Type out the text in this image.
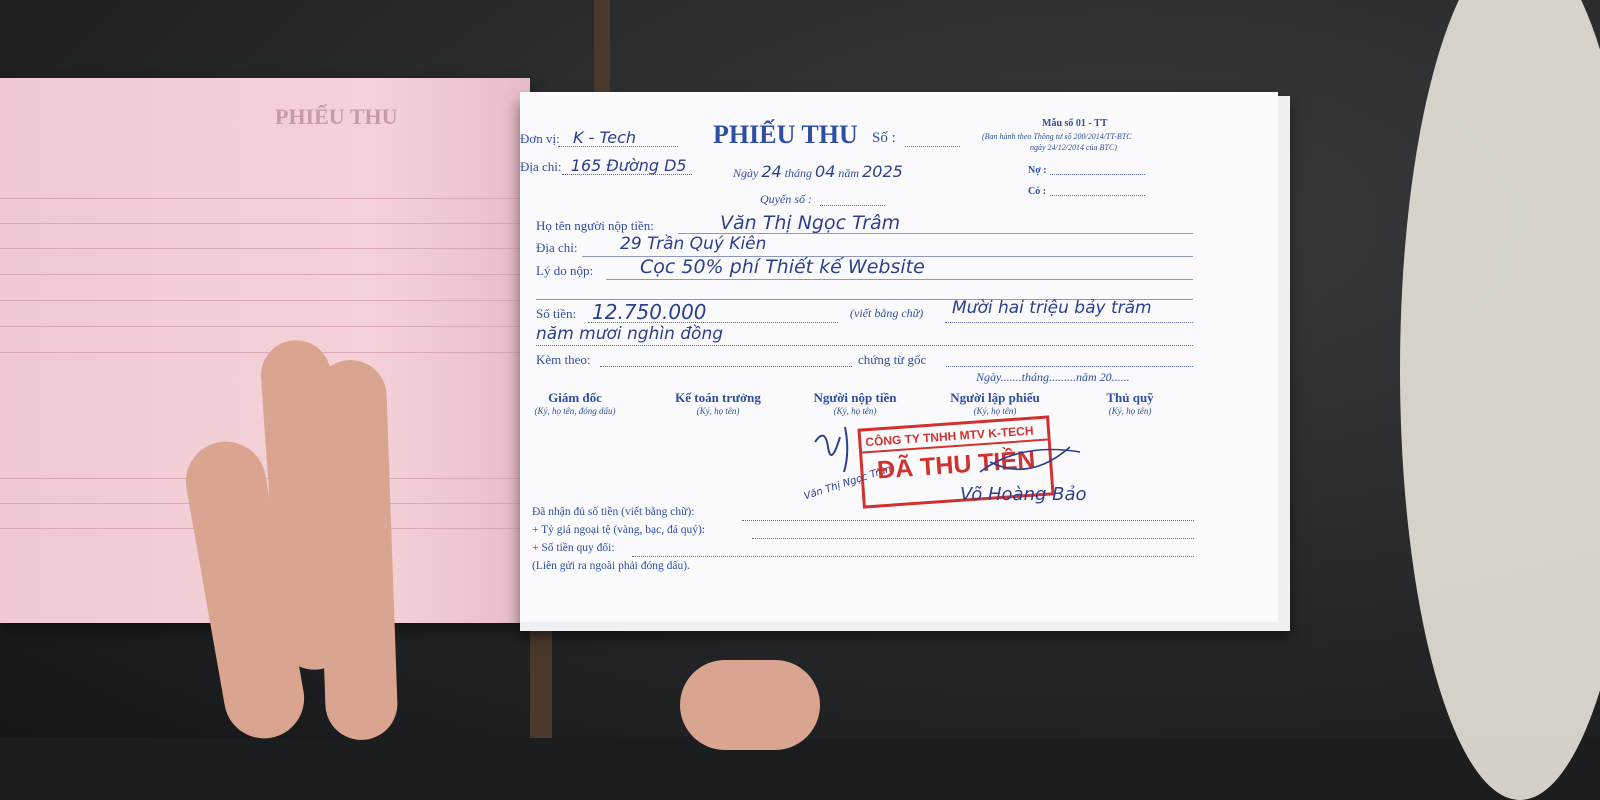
PHIẾU THU
Đơn vị: K - Tech
Địa chỉ: 165 Đường D5
PHIẾU THU Số :
Ngày 24 tháng 04 năm 2025
Quyển số :
Mẫu số 01 - TT
(Ban hành theo Thông tư số 200/2014/TT-BTC
ngày 24/12/2014 của BTC)
Nợ :
Có :
Họ tên người nộp tiền:	Văn Thị Ngọc Trâm
Địa chỉ: 29 Trần Quý Kiên
Lý do nộp: Cọc 50% phí Thiết kế Website
Số tiền: 12.750.000	(viết bằng chữ) Mười hai triệu bảy trăm
năm mươi nghìn đồng
Kèm theo:	chứng từ gốc
Ngày.......tháng.........năm 20......
Giám đốc
(Ký, họ tên, đóng dấu)
Kế toán trưởng
(Ký, họ tên)
Người nộp tiền
(Ký, họ tên)
Người lập phiếu
(Ký, họ tên)
Thủ quỹ
(Ký, họ tên)
Văn Thị Ngọc Trâm
CÔNG TY TNHH MTV K-TECH
ĐÃ THU TIỀN
Võ Hoàng Bảo
Đã nhận đủ số tiền (viết bằng chữ):
+ Tỷ giá ngoại tệ (vàng, bạc, đá quý):
+ Số tiền quy đổi:
(Liên gửi ra ngoài phải đóng dấu).
